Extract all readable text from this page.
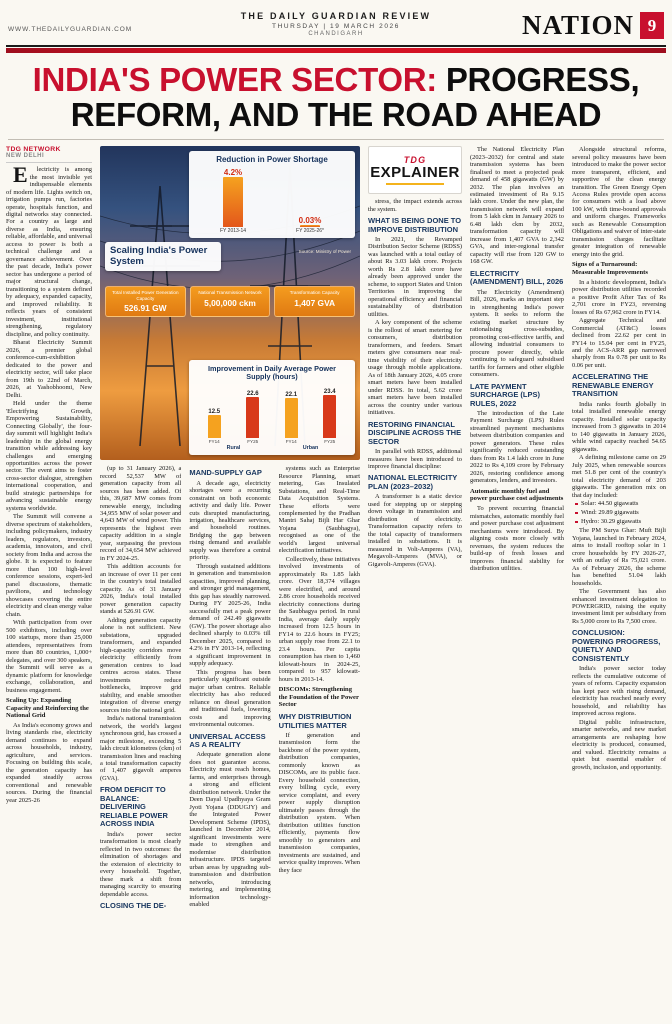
WWW.THEDAILYGUARDIAN.COM
THE DAILY GUARDIAN REVIEW
THURSDAY | 19 MARCH 2026
CHANDIGARH	NATION 9
INDIA'S POWER SECTOR: PROGRESS,
REFORM, AND THE ROAD AHEAD
TDG NETWORK
NEW DELHI

Electricity is among the most invisible yet indispensable elements of modern life. Lights switch on, irrigation pumps run, factories operate, hospitals function, and digital networks stay connected. For a country as large and diverse as India, ensuring reliable, affordable, and universal access to power is both a technical challenge and a governance achievement. Over the past decade, India's power sector has undergone a period of major structural change, transitioning to a system defined by adequacy, expanded capacity, and improved reliability. It reflects years of consistent investment, institutional strengthening, regulatory discipline, and policy continuity.

Bharat Electricity Summit 2026, a premier global conference-cum-exhibition dedicated to the power and electricity sector, will take place from 19th to 22nd of March, 2026, at Yashobhoomi, New Delhi.

Held under the theme 'Electrifying Growth, Empowering Sustainability, Connecting Globally', the four-day summit will highlight India's leadership in the global energy transition while addressing key challenges and emerging opportunities across the power sector. The event aims to foster cross-sector dialogue, strengthen international cooperation, and build strategic partnerships for advancing sustainable energy systems worldwide.

The Summit will convene a diverse spectrum of stakeholders, including policymakers, industry leaders, regulators, investors, academia, innovators, and civil society from India and across the globe. It is expected to feature more than 100 high-level conference sessions, expert-led panel discussions, thematic pavilions, and technology showcases covering the entire electricity and clean energy value chain.

With participation from over 500 exhibitors, including over 100 startups, more than 25,000 attendees, representatives from more than 80 countries, 1,000+ delegates, and over 300 speakers, the Summit will serve as a dynamic platform for knowledge exchange, collaboration, and business engagement.

Scaling Up: Expanding Capacity and Reinforcing the National Grid

As India's economy grows and living standards rise, electricity demand continues to expand across households, industry, agriculture, and services. Focusing on building this scale, the generation capacity has expanded steadily across conventional and renewable sources. During the financial year 2025-26

Reduction in Power Shortage
4.2%
FY 2013-14
0.03%
FY 2025-26*
Source: Ministry of Power
Scaling India's Power System
Total Installed Power Generation Capacity
526.91 GW
National Transmission Network
5,00,000 ckm
Transformation Capacity
1,407 GVA
Improvement in Daily Average Power Supply (hours)
12.5
FY14
22.6
FY25
22.1
FY14
23.4
FY25
Rural	Urban

(up to 31 January 2026), a record 52,537 MW of generation capacity from all sources has been added. Of this, 39,687 MW comes from renewable energy, including 34,955 MW of solar power and 4,643 MW of wind power. This represents the highest ever capacity addition in a single year, surpassing the previous record of 34,654 MW achieved in FY 2024-25.

This addition accounts for an increase of over 11 per cent in the country's total installed capacity. As of 31 January 2026, India's total installed power generation capacity stands at 526.91 GW.

Adding generation capacity alone is not sufficient. New substations, upgraded transformers, and expanded high-capacity corridors move electricity efficiently from generation centres to load centres across states. These investments reduce bottlenecks, improve grid stability, and enable smoother integration of diverse energy sources into the national grid.

India's national transmission network, the world's largest synchronous grid, has crossed a major milestone, exceeding 5 lakh circuit kilometres (ckm) of transmission lines and reaching a total transformation capacity of 1,407 gigavolt amperes (GVA).

FROM DEFICIT TO BALANCE: DELIVERING RELIABLE POWER ACROSS INDIA

India's power sector transformation is most clearly reflected in two outcomes: the elimination of shortages and the extension of electricity to every household. Together, these mark a shift from managing scarcity to ensuring dependable access.

CLOSING THE DE-
MAND-SUPPLY GAP

A decade ago, electricity shortages were a recurring constraint on both economic activity and daily life. Power cuts disrupted manufacturing, irrigation, healthcare services, and household routines. Bridging the gap between rising demand and available supply was therefore a central priority.

Through sustained additions in generation and transmission capacities, improved planning, and stronger grid management, this gap has steadily narrowed. During FY 2025-26, India successfully met a peak power demand of 242.49 gigawatts (GW). The power shortage also declined sharply to 0.03% till December 2025, compared to 4.2% in FY 2013-14, reflecting a significant improvement in supply adequacy.

This progress has been particularly significant outside major urban centres. Reliable electricity has also reduced reliance on diesel generation and traditional fuels, lowering costs and improving environmental outcomes.

UNIVERSAL ACCESS AS A REALITY

Adequate generation alone does not guarantee access. Electricity must reach homes, farms, and enterprises through a strong and efficient distribution network. Under the Deen Dayal Upadhyaya Gram Jyoti Yojana (DDUGJY) and the Integrated Power Development Scheme (IPDS), launched in December 2014, significant investments were made to strengthen and modernise distribution infrastructure. IPDS targeted urban areas by upgrading sub-transmission and distribution networks, introducing metering, and implementing information technology-enabled

systems such as Enterprise Resource Planning, smart metering, Gas Insulated Substations, and Real-Time Data Acquisition Systems. These efforts were complemented by the Pradhan Mantri Sahaj Bijli Har Ghar Yojana (Saubhagya), recognised as one of the world's largest universal electrification initiatives.

Collectively, these initiatives involved investments of approximately Rs 1.85 lakh crore. Over 18,374 villages were electrified, and around 2.86 crore households received electricity connections during the Saubhagya period. In rural India, average daily supply increased from 12.5 hours in FY14 to 22.6 hours in FY25; urban supply rose from 22.1 to 23.4 hours. Per capita consumption has risen to 1,460 kilowatt-hours in 2024-25, compared to 957 kilowatt-hours in 2013-14.

DISCOMs: Strengthening the Foundation of the Power Sector

WHY DISTRIBUTION UTILITIES MATTER

If generation and transmission form the backbone of the power system, distribution companies, commonly known as DISCOMs, are its public face. Every household connection, every billing cycle, every service complaint, and every power supply disruption ultimately passes through the distribution system. When distribution utilities function efficiently, payments flow smoothly to generators and transmission companies, investments are sustained, and service quality improves. When they face

TDG
EXPLAINER

stress, the impact extends across the system.

WHAT IS BEING DONE TO IMPROVE DISTRIBUTION

In 2021, the Revamped Distribution Sector Scheme (RDSS) was launched with a total outlay of about Rs 3.03 lakh crore. Projects worth Rs 2.8 lakh crore have already been approved under the scheme, to support States and Union Territories in improving the operational efficiency and financial sustainability of distribution utilities.

A key component of the scheme is the rollout of smart metering for consumers, distribution transformers, and feeders. Smart meters give consumers near real-time visibility of their electricity usage through mobile applications. As of 18th January 2026, 4.05 crore smart meters have been installed under RDSS. In total, 5.62 crore smart meters have been installed across the country under various initiatives.

RESTORING FINANCIAL DISCIPLINE ACROSS THE SECTOR

In parallel with RDSS, additional measures have been introduced to improve financial discipline:

NATIONAL ELECTRICITY PLAN (2023–2032)

A transformer is a static device used for stepping up or stepping down voltage in transmission and distribution of electricity. Transformation capacity refers to the total capacity of transformers installed in substations. It is measured in Volt-Amperes (VA), Megavolt-Amperes (MVA), or Gigavolt-Amperes (GVA).

The National Electricity Plan (2023–2032) for central and state transmission systems has been finalised to meet a projected peak demand of 458 gigawatts (GW) by 2032. The plan involves an estimated investment of Rs 9.15 lakh crore. Under the new plan, the transmission network will expand from 5 lakh ckm in January 2026 to 6.48 lakh ckm by 2032, transformation capacity will increase from 1,407 GVA to 2,342 GVA, and inter-regional transfer capacity will rise from 120 GW to 168 GW.

ELECTRICITY (AMENDMENT) BILL, 2026

The Electricity (Amendment) Bill, 2026, marks an important step in strengthening India's power system. It seeks to reform the existing market structure by rationalising cross-subsidies, promoting cost-effective tariffs, and allowing industrial consumers to procure power directly, while continuing to safeguard subsidised tariffs for farmers and other eligible consumers.

LATE PAYMENT SURCHARGE (LPS) RULES, 2022

The introduction of the Late Payment Surcharge (LPS) Rules streamlined payment mechanisms between distribution companies and power generators. These rules significantly reduced outstanding dues from Rs 1.4 lakh crore in June 2022 to Rs 4,109 crore by February 2026, restoring confidence among generators, lenders, and investors.

Automatic monthly fuel and power purchase cost adjustments

To prevent recurring financial mismatches, automatic monthly fuel and power purchase cost adjustment mechanisms were introduced. By aligning costs more closely with revenues, the system reduces the build-up of fresh losses and improves financial stability for distribution utilities.

Alongside structural reforms, several policy measures have been introduced to make the power sector more transparent, efficient, and supportive of the clean energy transition. The Green Energy Open Access Rules provide open access for consumers with a load above 100 kW, with time-bound approvals and uniform charges. Frameworks such as Renewable Consumption Obligations and waiver of inter-state transmission charges facilitate greater integration of renewable energy into the grid.

Signs of a Turnaround: Measurable Improvements

In a historic development, India's power distribution utilities recorded a positive Profit After Tax of Rs 2,701 crore in FY23, reversing losses of Rs 67,962 crore in FY14.

Aggregate Technical and Commercial (AT&C) losses declined from 22.62 per cent in FY14 to 15.04 per cent in FY25, and the ACS-ARR gap narrowed sharply from Rs 0.78 per unit to Rs 0.06 per unit.

ACCELERATING THE RENEWABLE ENERGY TRANSITION

India ranks fourth globally in total installed renewable energy capacity. Installed solar capacity increased from 3 gigawatts in 2014 to 140 gigawatts in January 2026, while wind capacity reached 54.65 gigawatts.

A defining milestone came on 29 July 2025, when renewable sources met 51.8 per cent of the country's total electricity demand of 203 gigawatts. The generation mix on that day included:

Solar: 44.50 gigawatts

Wind: 29.89 gigawatts

Hydro: 30.29 gigawatts

The PM Surya Ghar: Muft Bijli Yojana, launched in February 2024, aims to install rooftop solar in 1 crore households by FY 2026-27, with an outlay of Rs 75,021 crore. As of February 2026, the scheme has benefited 51.04 lakh households.

The Government has also enhanced investment delegation to POWERGRID, raising the equity investment limit per subsidiary from Rs 5,000 crore to Rs 7,500 crore.

CONCLUSION: POWERING PROGRESS, QUIETLY AND CONSISTENTLY

India's power sector today reflects the cumulative outcome of years of reform. Capacity expansion has kept pace with rising demand, electricity has reached nearly every household, and reliability has improved across regions.

Digital public infrastructure, smarter networks, and new market arrangements are reshaping how electricity is produced, consumed, and valued. Electricity remains a quiet but essential enabler of growth, inclusion, and opportunity.
